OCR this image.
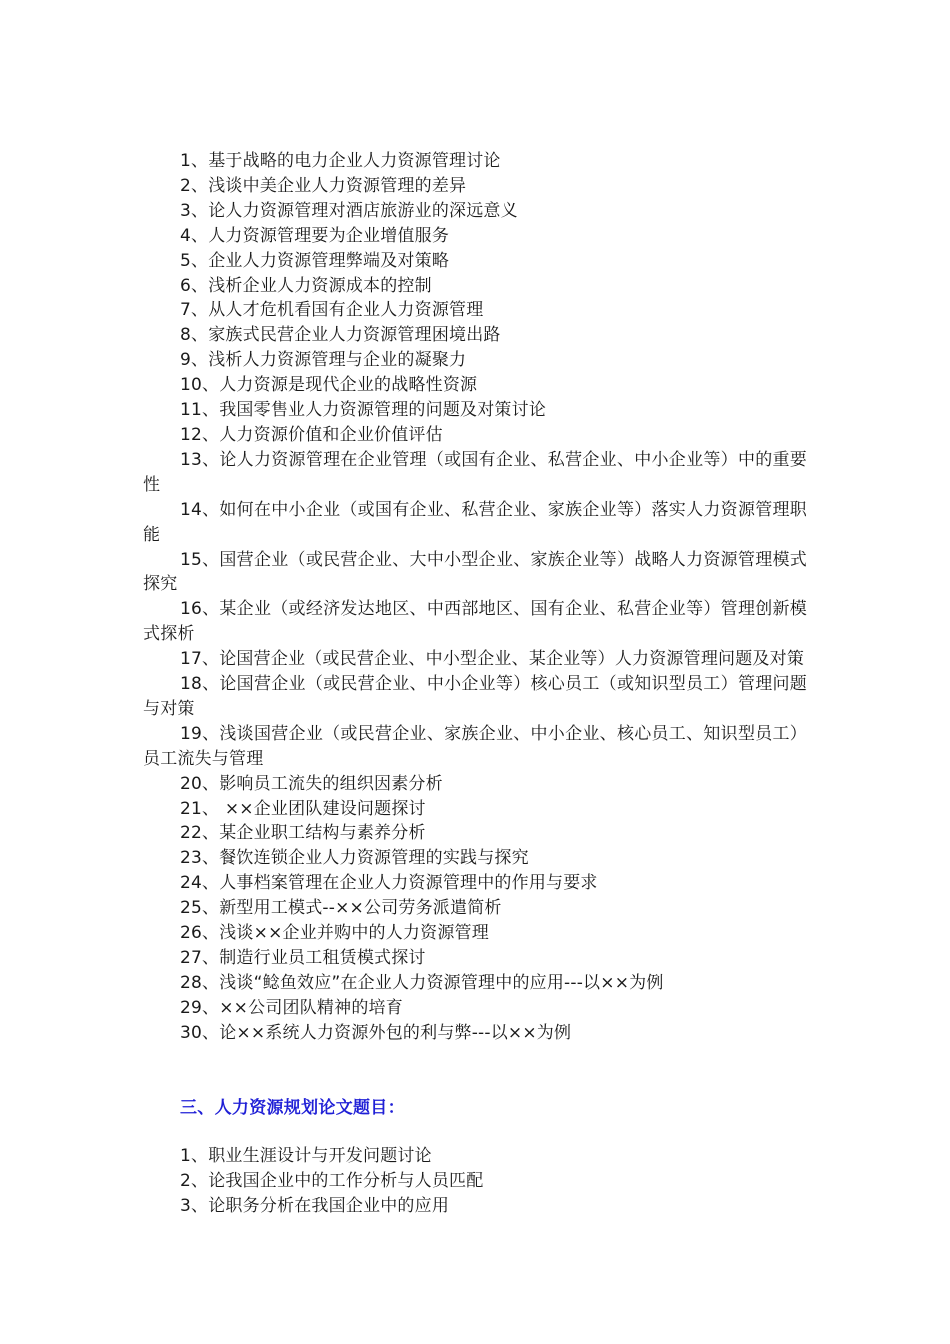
1、基于战略的电力企业人力资源管理讨论
2、浅谈中美企业人力资源管理的差异
3、论人力资源管理对酒店旅游业的深远意义
4、人力资源管理要为企业增值服务
5、企业人力资源管理弊端及对策略
6、浅析企业人力资源成本的控制
7、从人才危机看国有企业人力资源管理
8、家族式民营企业人力资源管理困境出路
9、浅析人力资源管理与企业的凝聚力
10、人力资源是现代企业的战略性资源
11、我国零售业人力资源管理的问题及对策讨论
12、人力资源价值和企业价值评估
13、论人力资源管理在企业管理（或国有企业、私营企业、中小企业等）中的重要性
14、如何在中小企业（或国有企业、私营企业、家族企业等）落实人力资源管理职能
15、国营企业（或民营企业、大中小型企业、家族企业等）战略人力资源管理模式探究
16、某企业（或经济发达地区、中西部地区、国有企业、私营企业等）管理创新模式探析
17、论国营企业（或民营企业、中小型企业、某企业等）人力资源管理问题及对策
18、论国营企业（或民营企业、中小企业等）核心员工（或知识型员工）管理问题与对策
19、浅谈国营企业（或民营企业、家族企业、中小企业、核心员工、知识型员工）员工流失与管理
20、影响员工流失的组织因素分析
21、 ××企业团队建设问题探讨
22、某企业职工结构与素养分析
23、餐饮连锁企业人力资源管理的实践与探究
24、人事档案管理在企业人力资源管理中的作用与要求
25、新型用工模式--××公司劳务派遣简析
26、浅谈××企业并购中的人力资源管理
27、制造行业员工租赁模式探讨
28、浅谈“鲶鱼效应”在企业人力资源管理中的应用---以××为例
29、××公司团队精神的培育
30、论××系统人力资源外包的利与弊---以××为例
三、人力资源规划论文题目：
1、职业生涯设计与开发问题讨论
2、论我国企业中的工作分析与人员匹配
3、论职务分析在我国企业中的应用
